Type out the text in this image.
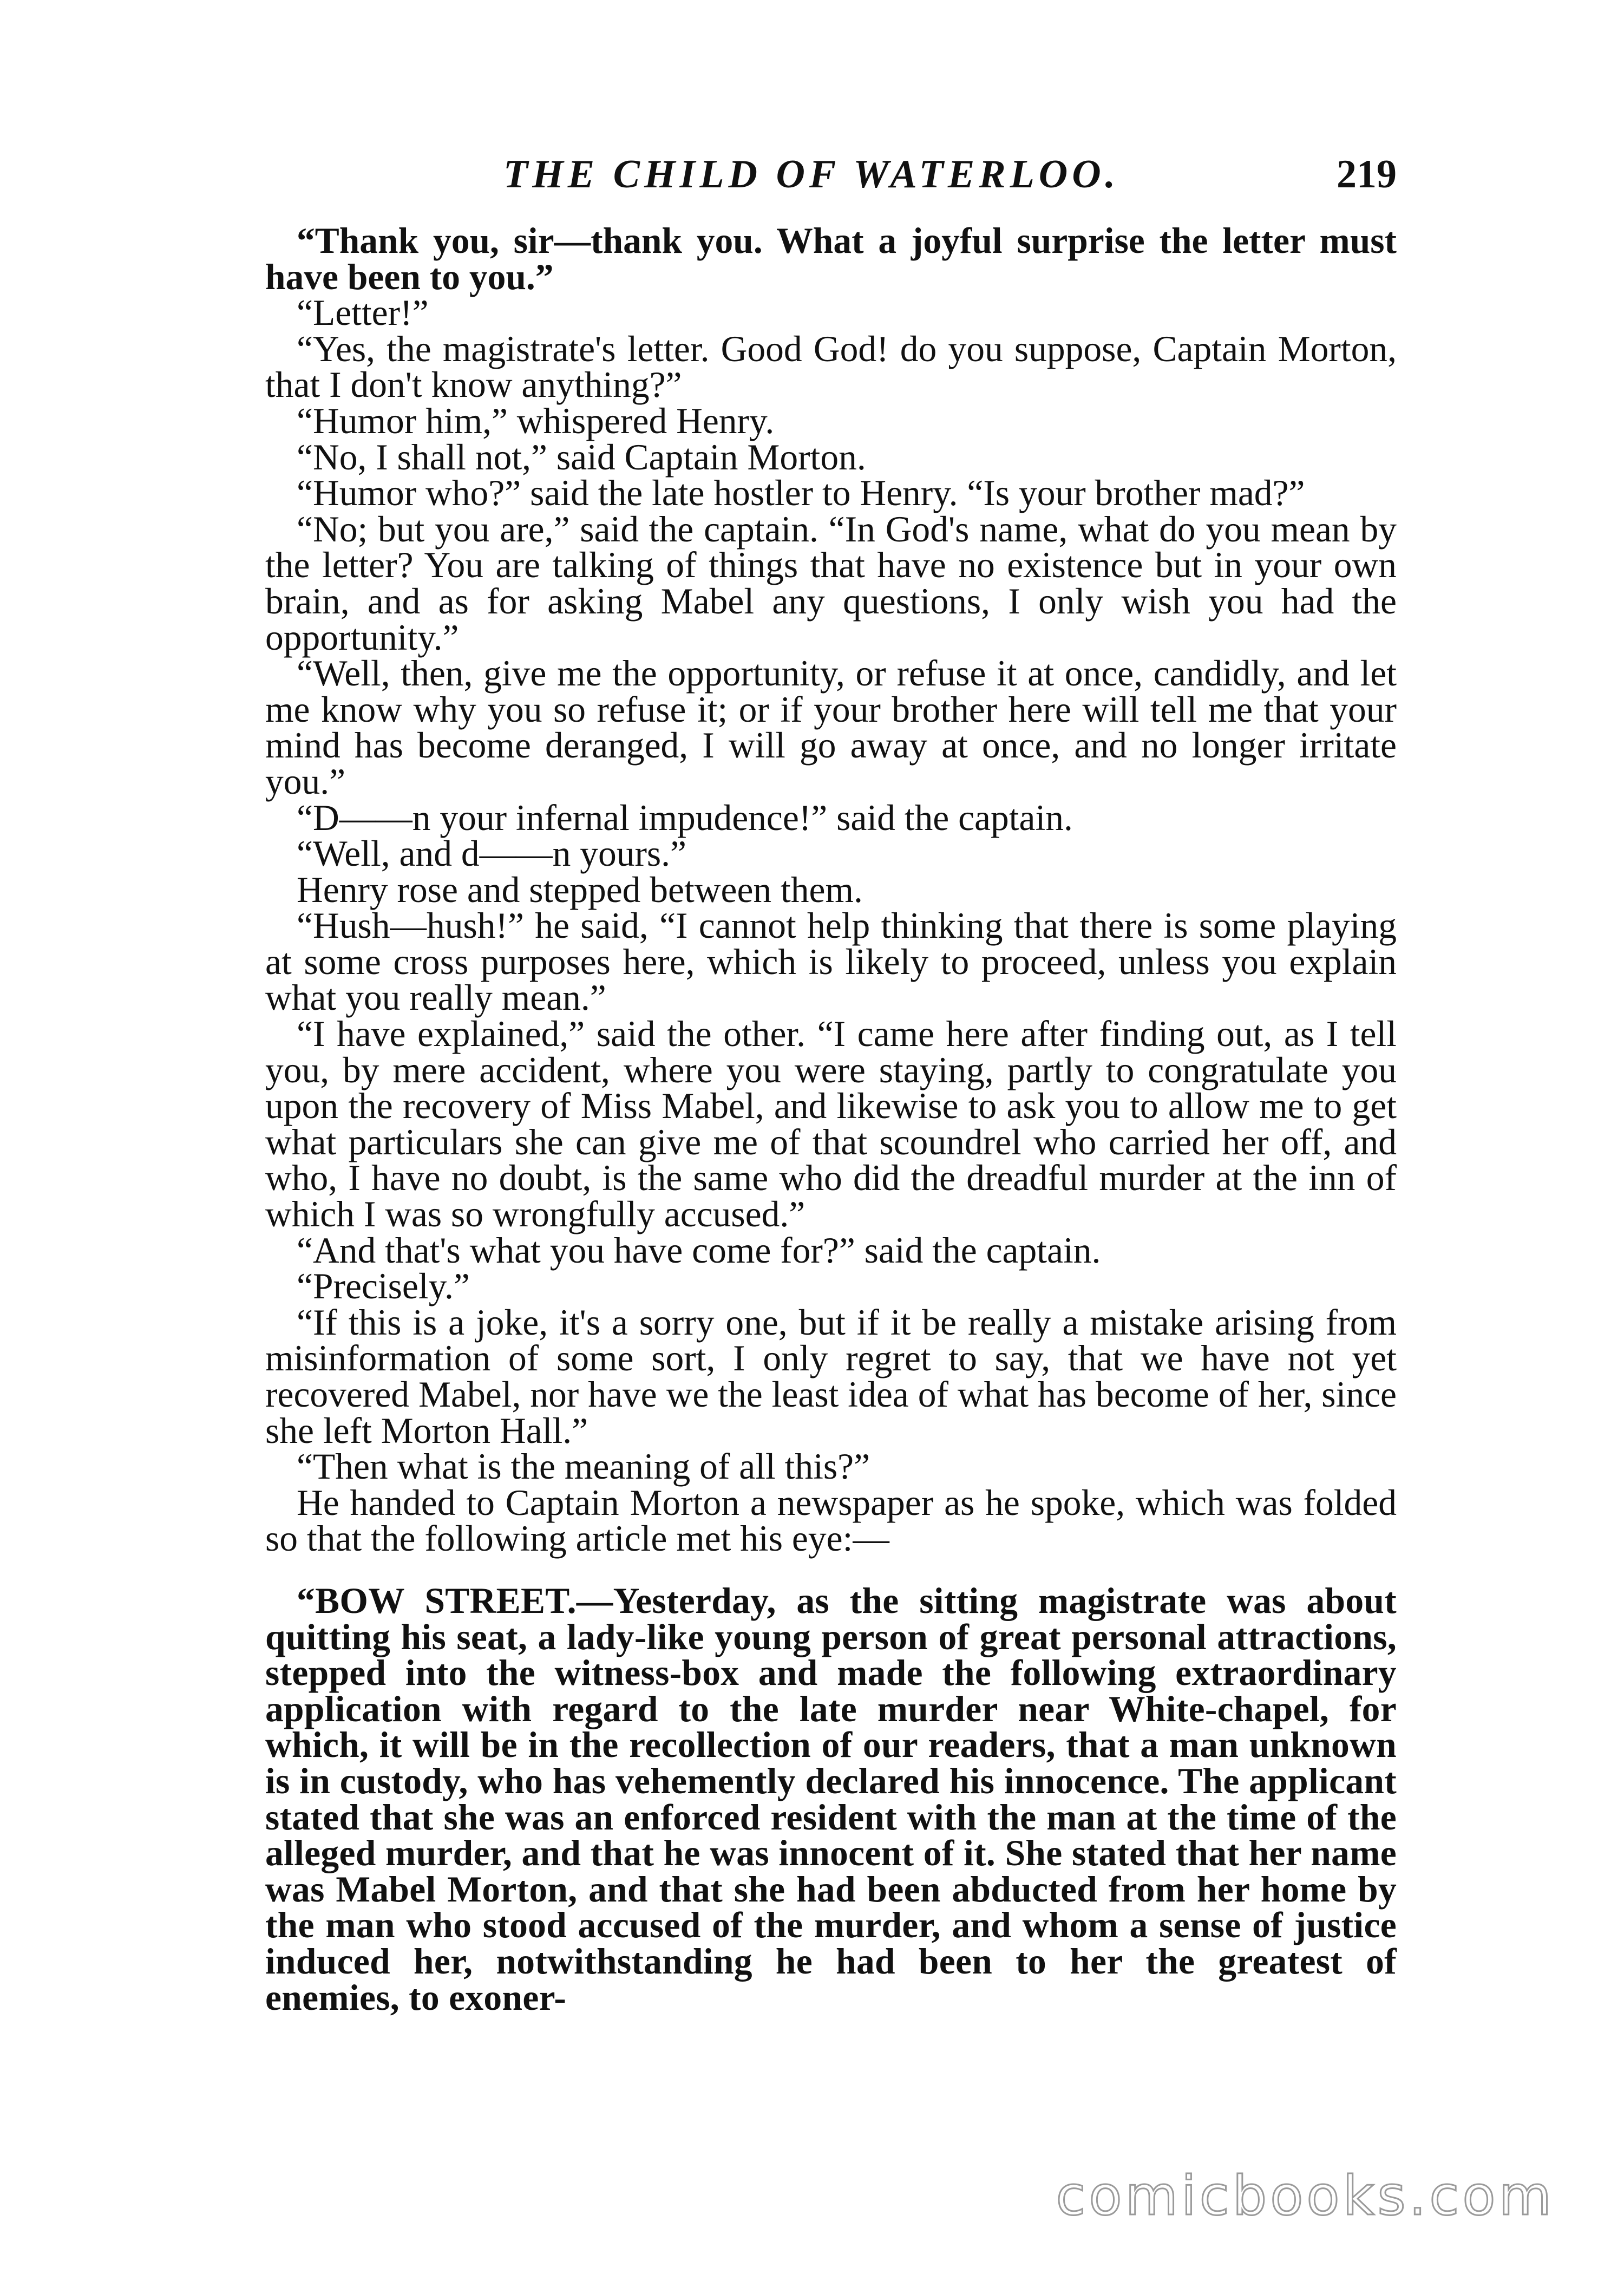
THE CHILD OF WATERLOO.	219

“Thank you, sir—thank you. What a joyful surprise the letter must have been to you.”

“Letter!”

“Yes, the magistrate's letter. Good God! do you suppose, Captain Morton, that I don't know anything?”

“Humor him,” whispered Henry.

“No, I shall not,” said Captain Morton.

“Humor who?” said the late hostler to Henry. “Is your brother mad?”

“No; but you are,” said the captain. “In God's name, what do you mean by the letter? You are talking of things that have no existence but in your own brain, and as for asking Mabel any questions, I only wish you had the opportunity.”

“Well, then, give me the opportunity, or refuse it at once, candidly, and let me know why you so refuse it; or if your brother here will tell me that your mind has become deranged, I will go away at once, and no longer irritate you.”

“D——n your infernal impudence!” said the captain.

“Well, and d——n yours.”

Henry rose and stepped between them.

“Hush—hush!” he said, “I cannot help thinking that there is some playing at some cross purposes here, which is likely to proceed, unless you explain what you really mean.”

“I have explained,” said the other. “I came here after finding out, as I tell you, by mere accident, where you were staying, partly to congratulate you upon the recovery of Miss Mabel, and likewise to ask you to allow me to get what particulars she can give me of that scoundrel who carried her off, and who, I have no doubt, is the same who did the dreadful murder at the inn of which I was so wrongfully accused.”

“And that's what you have come for?” said the captain.

“Precisely.”

“If this is a joke, it's a sorry one, but if it be really a mistake arising from misinformation of some sort, I only regret to say, that we have not yet recovered Mabel, nor have we the least idea of what has become of her, since she left Morton Hall.”

“Then what is the meaning of all this?”

He handed to Captain Morton a newspaper as he spoke, which was folded so that the following article met his eye:—

“BOW STREET.—Yesterday, as the sitting magistrate was about quitting his seat, a lady-like young person of great personal attractions, stepped into the witness-box and made the following extraordinary application with regard to the late murder near White-chapel, for which, it will be in the recollection of our readers, that a man unknown is in custody, who has vehemently declared his innocence. The applicant stated that she was an enforced resident with the man at the time of the alleged murder, and that he was innocent of it. She stated that her name was Mabel Morton, and that she had been abducted from her home by the man who stood accused of the murder, and whom a sense of justice induced her, notwithstanding he had been to her the greatest of enemies, to exoner-

comicbooks.com
